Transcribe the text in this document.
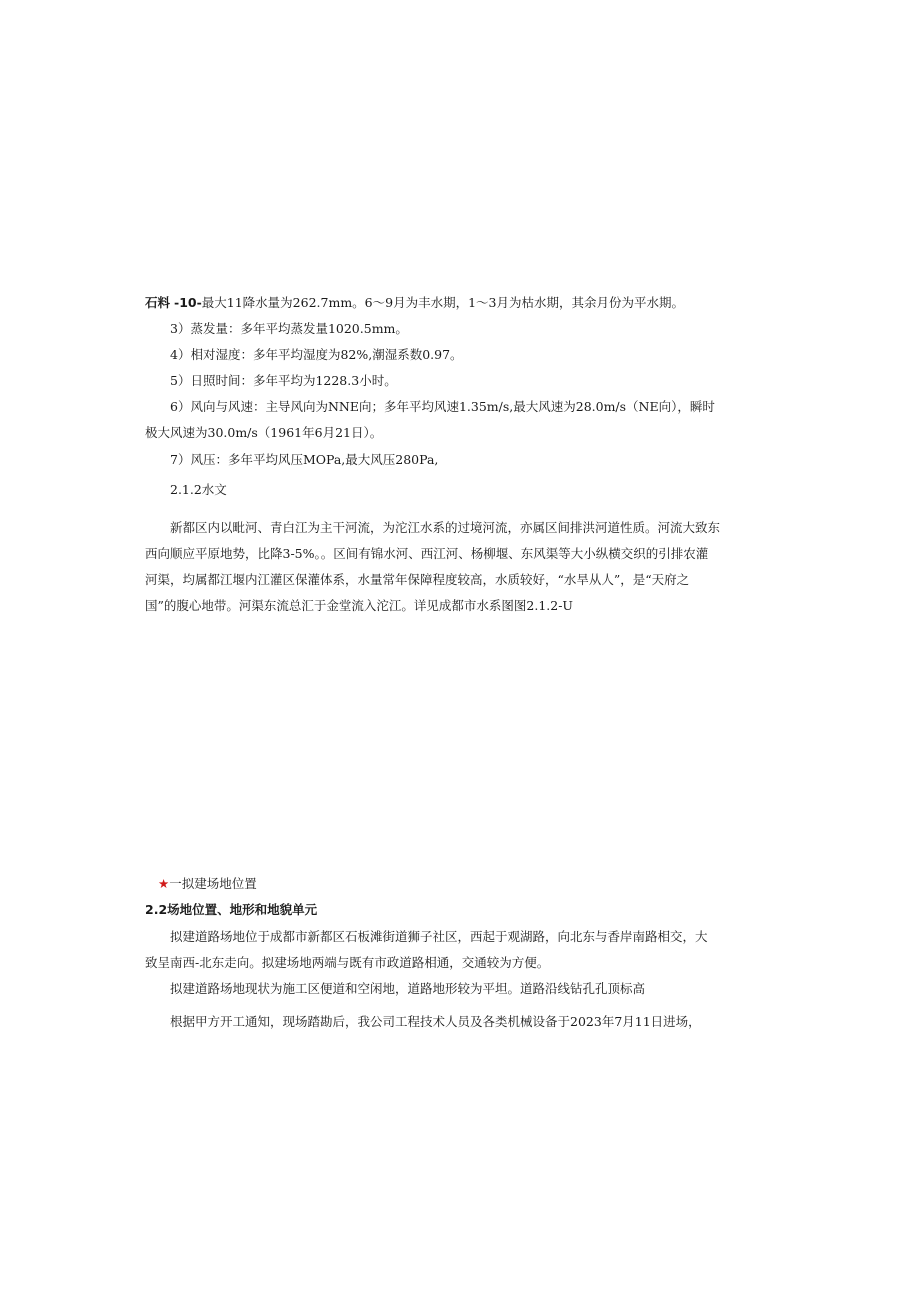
石料 -10-最大11降水量为262.7mm。6～9月为丰水期，1～3月为枯水期，其余月份为平水期。
3）蒸发量：多年平均蒸发量1020.5mm。
4）相对湿度：多年平均湿度为82%,潮湿系数0.97。
5）日照时间：多年平均为1228.3小时。
6）风向与风速：主导风向为NNE向；多年平均风速1.35m∕s,最大风速为28.0m∕s（NE向），瞬时
极大风速为30.0m/s（1961年6月21日）。
7）风压：多年平均风压MOPa,最大风压280Pa,
2.1.2水文
新都区内以毗河、青白江为主干河流，为沱江水系的过境河流，亦属区间排洪河道性质。河流大致东
西向顺应平原地势，比降3-5%。。区间有锦水河、西江河、杨柳堰、东风渠等大小纵横交织的引排农灌
河渠，均属都江堰内江灌区保灌体系，水量常年保障程度较高，水质较好，“水旱从人”，是“天府之
国”的腹心地带。河渠东流总汇于金堂流入沱江。详见成都市水系图图2.1.2-U
★一拟建场地位置
2.2场地位置、地形和地貌单元
拟建道路场地位于成都市新都区石板滩街道狮子社区，西起于观湖路，向北东与香岸南路相交，大
致呈南西-北东走向。拟建场地两端与既有市政道路相通，交通较为方便。
拟建道路场地现状为施工区便道和空闲地，道路地形较为平坦。道路沿线钻孔孔顶标高
根据甲方开工通知，现场踏勘后，我公司工程技术人员及各类机械设备于2023年7月11日进场，
